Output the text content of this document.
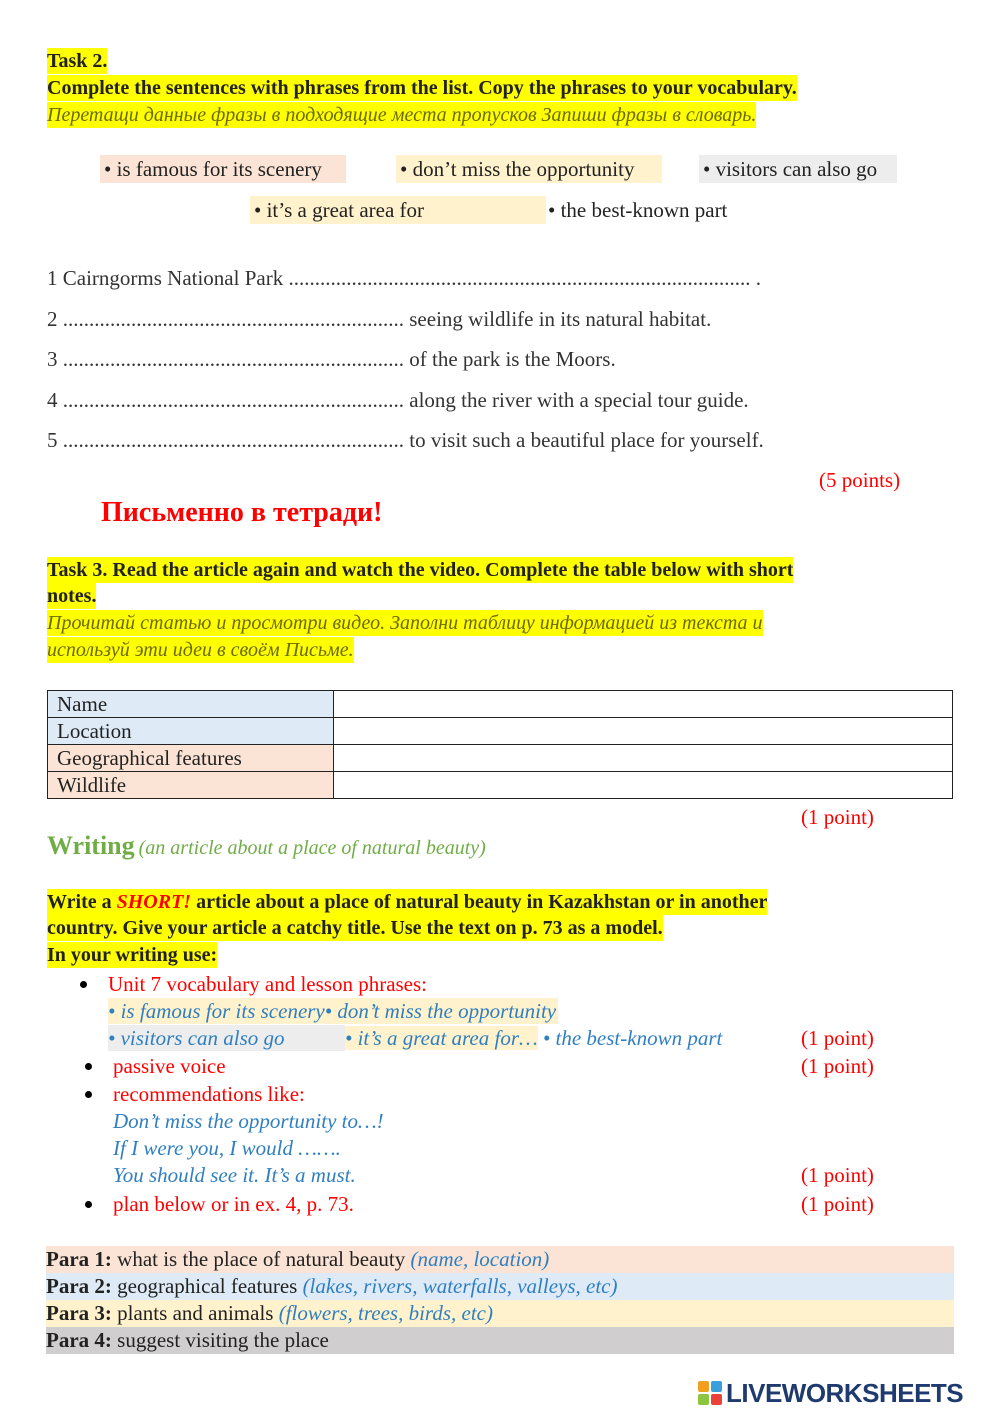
Task 2.
Complete the sentences with phrases from the list. Copy the phrases to your vocabulary.
Перетащи данные фразы в подходящие места пропусков Запиши фразы в словарь.
• is famous for its scenery	• don’t miss the opportunity	• visitors can also go
• it’s a great area for	• the best-known part
1 Cairngorms National Park ........................................................................................ .
2 ................................................................. seeing wildlife in its natural habitat.
3 ................................................................. of the park is the Moors.
4 ................................................................. along the river with a special tour guide.
5 ................................................................. to visit such a beautiful place for yourself.
(5 points)
Письменно в тетради!
Task 3. Read the article again and watch the video. Complete the table below with short
notes.
Прочитай статью и просмотри видео. Заполни таблицу информацией из текста и
используй эти идеи в своём Письме.
Name	
Location	
Geographical features	
Wildlife	
(1 point)
Writing (an article about a place of natural beauty)
Write a SHORT! article about a place of natural beauty in Kazakhstan or in another
country. Give your article a catchy title. Use the text on p. 73 as a model.
In your writing use:
Unit 7 vocabulary and lesson phrases:
• is famous for its scenery• don’t miss the opportunity
• visitors can also go	• it’s a great area for… • the best-known part	(1 point)
passive voice	(1 point)
recommendations like:
Don’t miss the opportunity to…!
If I were you, I would …….
You should see it. It’s a must.	(1 point)
plan below or in ex. 4, p. 73.	(1 point)
Para 1: what is the place of natural beauty (name, location)
Para 2: geographical features (lakes, rivers, waterfalls, valleys, etc)
Para 3: plants and animals (flowers, trees, birds, etc)
Para 4: suggest visiting the place
LIVEWORKSHEETS
